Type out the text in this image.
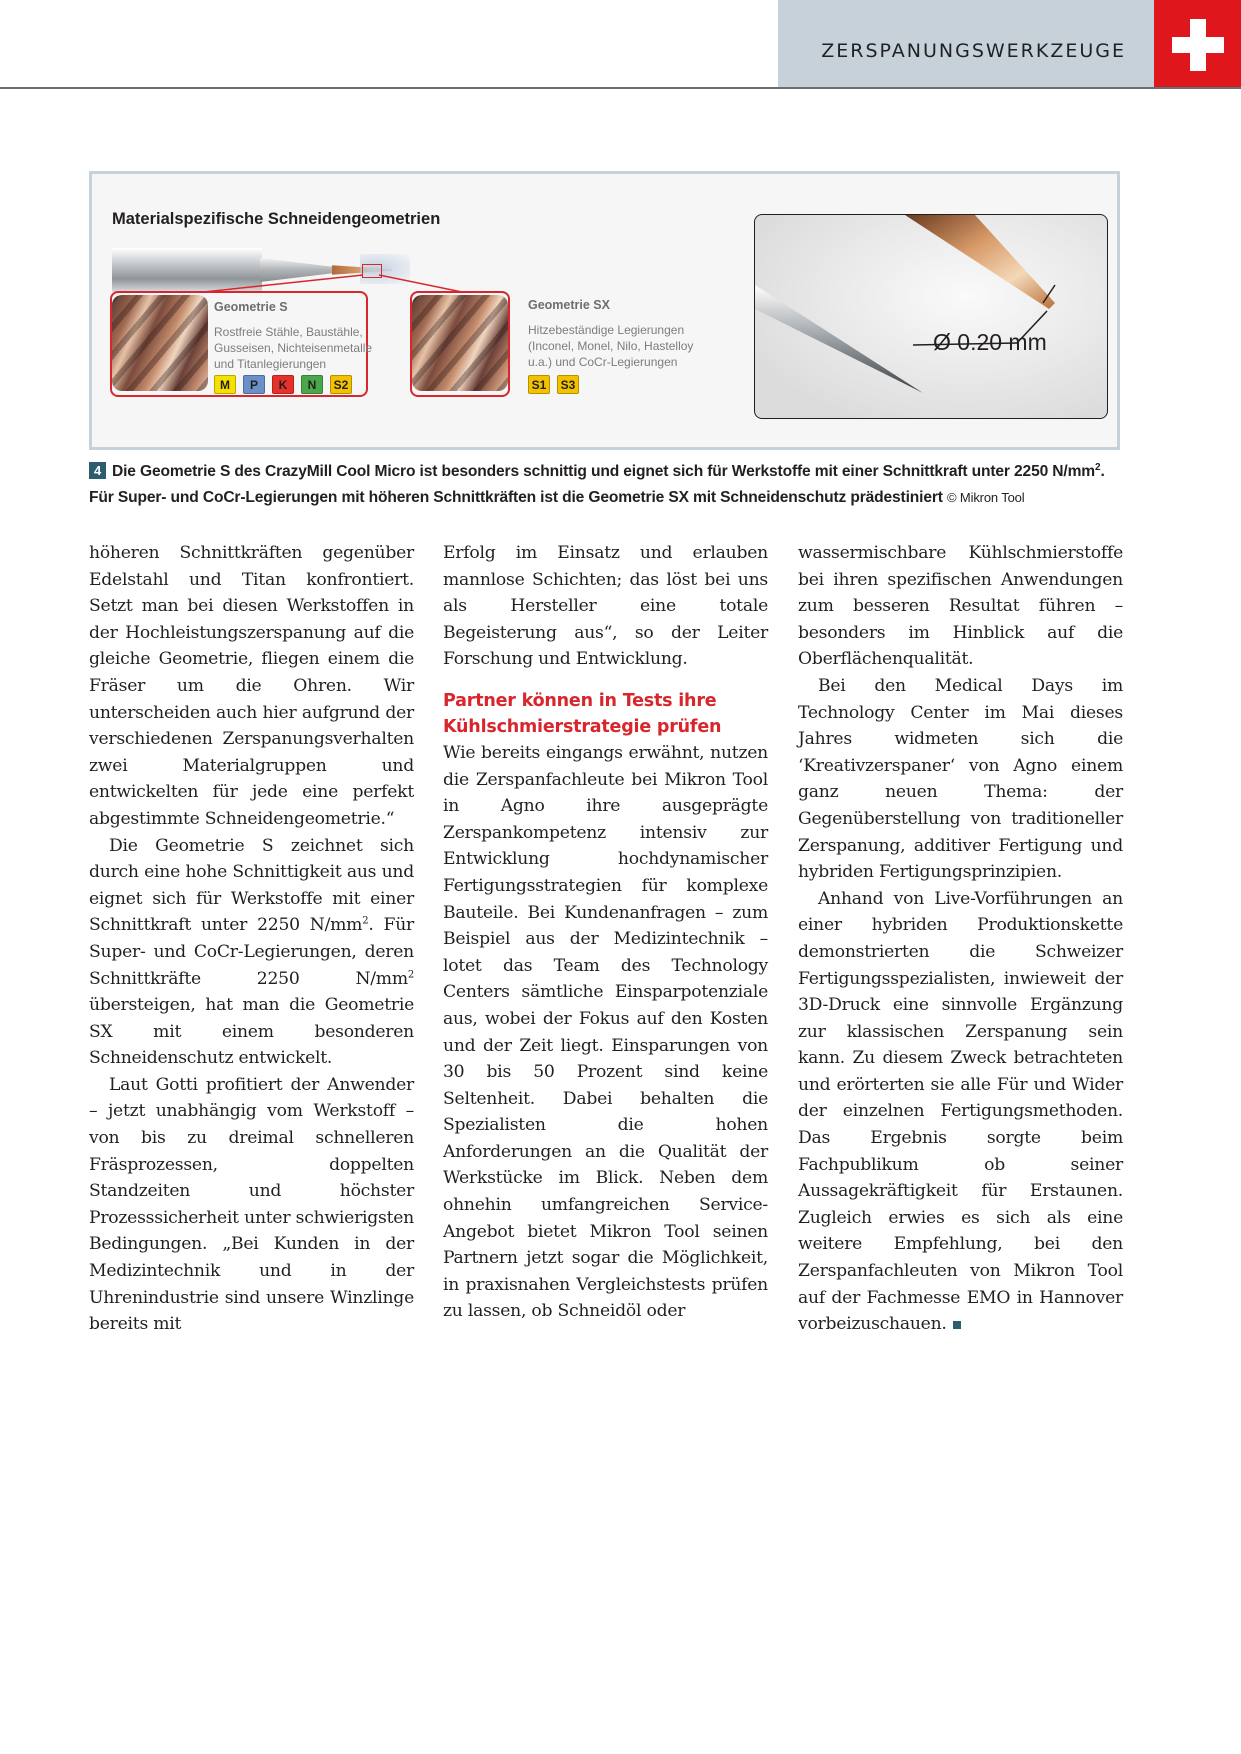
ZERSPANUNGSWERKZEUGE
Materialspezifische Schneidengeometrien
Geometrie S
Rostfreie Stähle, Baustähle,
Gusseisen, Nichteisenmetalle
und Titanlegierungen
M	P	K	N	S2
Geometrie SX
Hitzebeständige Legierungen
(Inconel, Monel, Nilo, Hastelloy
u.a.) und CoCr-Legierungen
S1	S3
Ø 0.20 mm

4 Die Geometrie S des CrazyMill Cool Micro ist besonders schnittig und eignet sich für Werkstoffe mit einer Schnittkraft unter 2250 $N/mm^2$.
Für Super- und CoCr-Legierungen mit höheren Schnittkräften ist die Geometrie SX mit Schneidenschutz prädestiniert © Mikron Tool

höheren Schnittkräften gegenüber Edelstahl und Titan konfrontiert. Setzt man bei diesen Werkstoffen in der Hochleistungszerspanung auf die gleiche Geometrie, fliegen einem die Fräser um die Ohren. Wir unterscheiden auch hier aufgrund der verschiedenen Zerspanungsverhalten zwei Materialgruppen und entwickelten für jede eine perfekt abgestimmte Schneidengeometrie.“

Die Geometrie S zeichnet sich durch eine hohe Schnittigkeit aus und eignet sich für Werkstoffe mit einer Schnittkraft unter 2250 $N/mm^2$. Für Super- und CoCr-Legierungen, deren Schnittkräfte 2250 $N/mm^2$ übersteigen, hat man die Geometrie SX mit einem besonderen Schneidenschutz entwickelt.

Laut Gotti profitiert der Anwender – jetzt unabhängig vom Werkstoff – von bis zu dreimal schnelleren Fräsprozessen, doppelten Standzeiten und höchster Prozesssicherheit unter schwierigsten Bedingungen. „Bei Kunden in der Medizintechnik und in der Uhrenindustrie sind unsere Winzlinge bereits mit

Erfolg im Einsatz und erlauben mannlose Schichten; das löst bei uns als Hersteller eine totale Begeisterung aus“, so der Leiter Forschung und Entwicklung.

Partner können in Tests ihre Kühlschmierstrategie prüfen

Wie bereits eingangs erwähnt, nutzen die Zerspanfachleute bei Mikron Tool in Agno ihre ausgeprägte Zerspankompetenz intensiv zur Entwicklung hochdynamischer Fertigungsstrategien für komplexe Bauteile. Bei Kundenanfragen – zum Beispiel aus der Medizintechnik – lotet das Team des Technology Centers sämtliche Einsparpotenziale aus, wobei der Fokus auf den Kosten und der Zeit liegt. Einsparungen von 30 bis 50 Prozent sind keine Seltenheit. Dabei behalten die Spezialisten die hohen Anforderungen an die Qualität der Werkstücke im Blick. Neben dem ohnehin umfangreichen Service-Angebot bietet Mikron Tool seinen Partnern jetzt sogar die Möglichkeit, in praxisnahen Vergleichstests prüfen zu lassen, ob Schneidöl oder

wassermischbare Kühlschmierstoffe bei ihren spezifischen Anwendungen zum besseren Resultat führen – besonders im Hinblick auf die Oberflächenqualität.

Bei den Medical Days im Technology Center im Mai dieses Jahres widmeten sich die ‘Kreativzerspaner‘ von Agno einem ganz neuen Thema: der Gegenüberstellung von traditioneller Zerspanung, additiver Fertigung und hybriden Fertigungsprinzipien.

Anhand von Live-Vorführungen an einer hybriden Produktionskette demonstrierten die Schweizer Fertigungsspezialisten, inwieweit der 3D-Druck eine sinnvolle Ergänzung zur klassischen Zerspanung sein kann. Zu diesem Zweck betrachteten und erörterten sie alle Für und Wider der einzelnen Fertigungsmethoden. Das Ergebnis sorgte beim Fachpublikum ob seiner Aussagekräftigkeit für Erstaunen. Zugleich erwies es sich als eine weitere Empfehlung, bei den Zerspanfachleuten von Mikron Tool auf der Fachmesse EMO in Hannover vorbeizuschauen.
